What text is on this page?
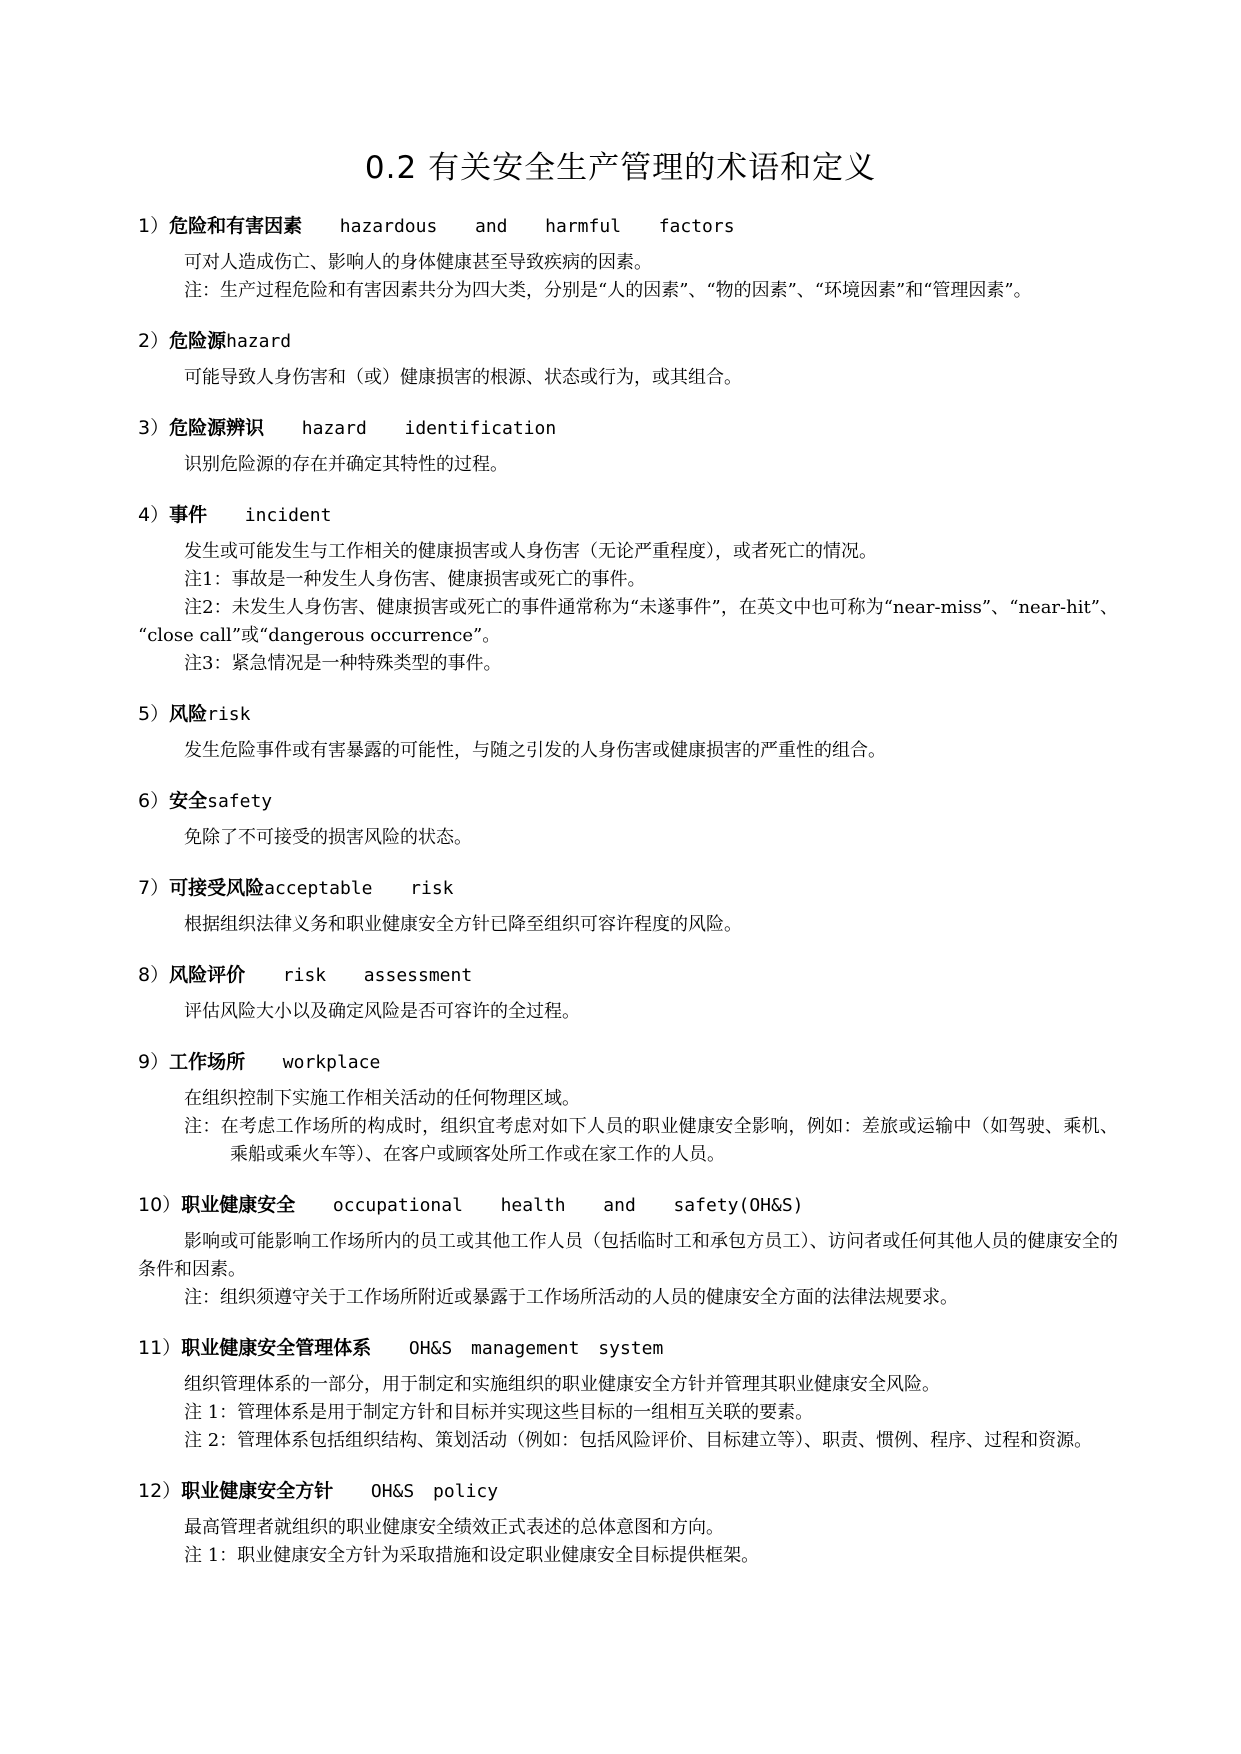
0.2 有关安全生产管理的术语和定义
1）危险和有害因素  hazardous  and  harmful  factors

可对人造成伤亡、影响人的身体健康甚至导致疾病的因素。

注：生产过程危险和有害因素共分为四大类，分别是“人的因素”、“物的因素”、“环境因素”和“管理因素”。

2）危险源hazard

可能导致人身伤害和（或）健康损害的根源、状态或行为，或其组合。

3）危险源辨识  hazard  identification

识别危险源的存在并确定其特性的过程。

4）事件  incident

发生或可能发生与工作相关的健康损害或人身伤害（无论严重程度），或者死亡的情况。

注1：事故是一种发生人身伤害、健康损害或死亡的事件。

注2：未发生人身伤害、健康损害或死亡的事件通常称为“未遂事件”，在英文中也可称为“near-miss”、“near-hit”、 “close call”或“dangerous occurrence”。

注3：紧急情况是一种特殊类型的事件。

5）风险risk

发生危险事件或有害暴露的可能性，与随之引发的人身伤害或健康损害的严重性的组合。

6）安全safety

免除了不可接受的损害风险的状态。

7）可接受风险acceptable  risk

根据组织法律义务和职业健康安全方针已降至组织可容许程度的风险。

8）风险评价  risk  assessment

评估风险大小以及确定风险是否可容许的全过程。

9）工作场所  workplace

在组织控制下实施工作相关活动的任何物理区域。

注：在考虑工作场所的构成时，组织宜考虑对如下人员的职业健康安全影响，例如：差旅或运输中（如驾驶、乘机、乘船或乘火车等）、在客户或顾客处所工作或在家工作的人员。

10）职业健康安全  occupational  health  and  safety(OH&S)

影响或可能影响工作场所内的员工或其他工作人员（包括临时工和承包方员工）、访问者或任何其他人员的健康安全的条件和因素。

注：组织须遵守关于工作场所附近或暴露于工作场所活动的人员的健康安全方面的法律法规要求。

11）职业健康安全管理体系  OH&S management system

组织管理体系的一部分，用于制定和实施组织的职业健康安全方针并管理其职业健康安全风险。

注 1：管理体系是用于制定方针和目标并实现这些目标的一组相互关联的要素。

注 2：管理体系包括组织结构、策划活动（例如：包括风险评价、目标建立等）、职责、惯例、程序、过程和资源。

12）职业健康安全方针  OH&S policy

最高管理者就组织的职业健康安全绩效正式表述的总体意图和方向。

注 1：职业健康安全方针为采取措施和设定职业健康安全目标提供框架。
